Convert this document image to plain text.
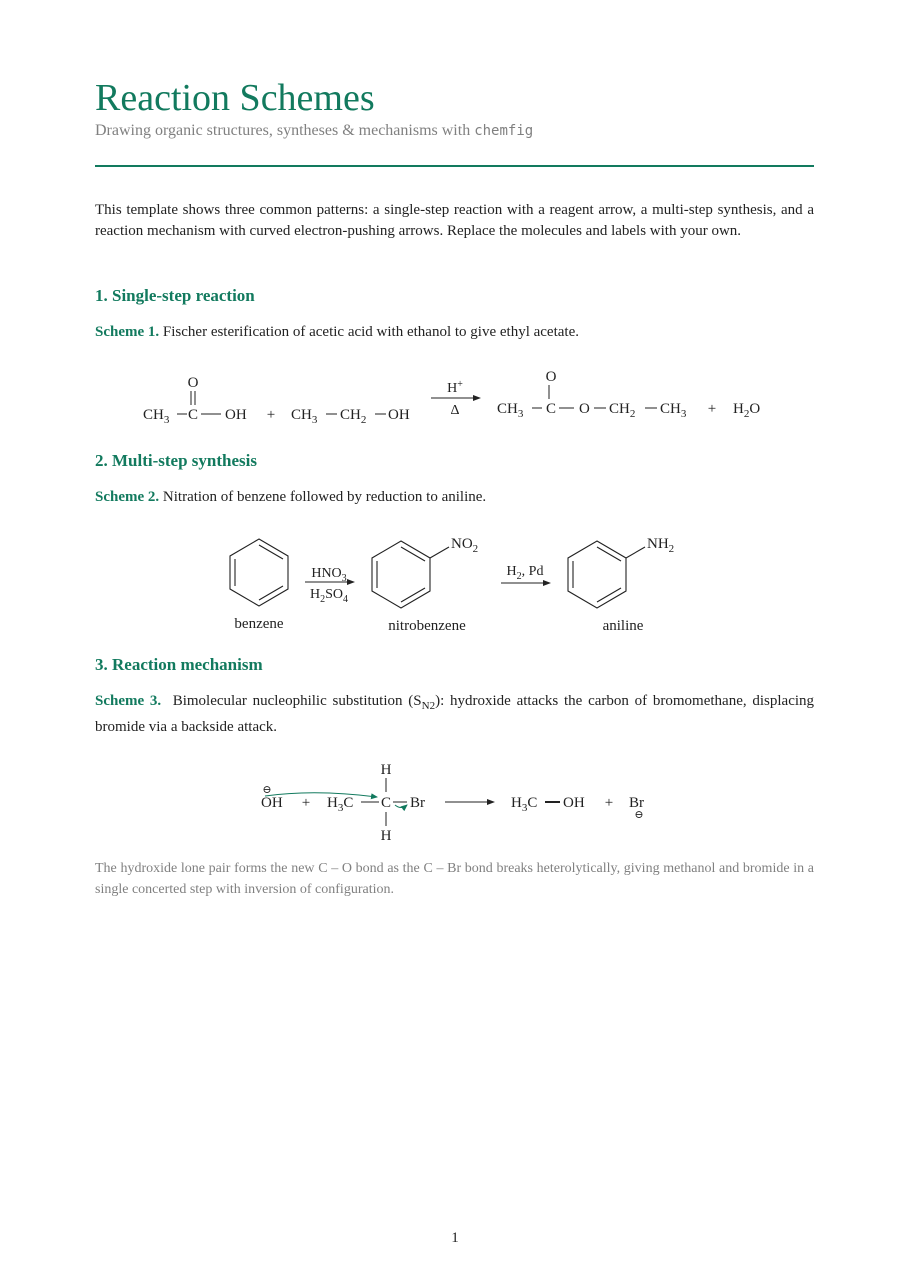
Reaction Schemes
Drawing organic structures, syntheses & mechanisms with chemfig
This template shows three common patterns: a single-step reaction with a reagent arrow, a multi-step synthesis, and a reaction mechanism with curved electron-pushing arrows. Replace the molecules and labels with your own.
1. Single-step reaction
Scheme 1. Fischer esterification of acetic acid with ethanol to give ethyl acetate.
O
$CH_3$ C OH + $CH_3$ $CH_2$ OH
H+
Δ
O
$CH_3$ C O $CH_2$ $CH_3 + H_2O$
2. Multi-step synthesis
Scheme 2. Nitration of benzene followed by reduction to aniline.
benzene
$HNO_3$
$H_2SO_4$
$NO_2$
nitrobenzene
$H_2$, Pd
$NH_2$
aniline
3. Reaction mechanism
Scheme 3. Bimolecular nucleophilic substitution $(S_{N2})$: hydroxide attacks the carbon of bromomethane, displacing bromide via a backside attack.
⊖
OH + $H_3C$ C
H
H
Br	$H_3C$ OH + Br
⊖
The hydroxide lone pair forms the new C – O bond as the C – Br bond breaks heterolytically, giving methanol and bromide in a single concerted step with inversion of configuration.
1
